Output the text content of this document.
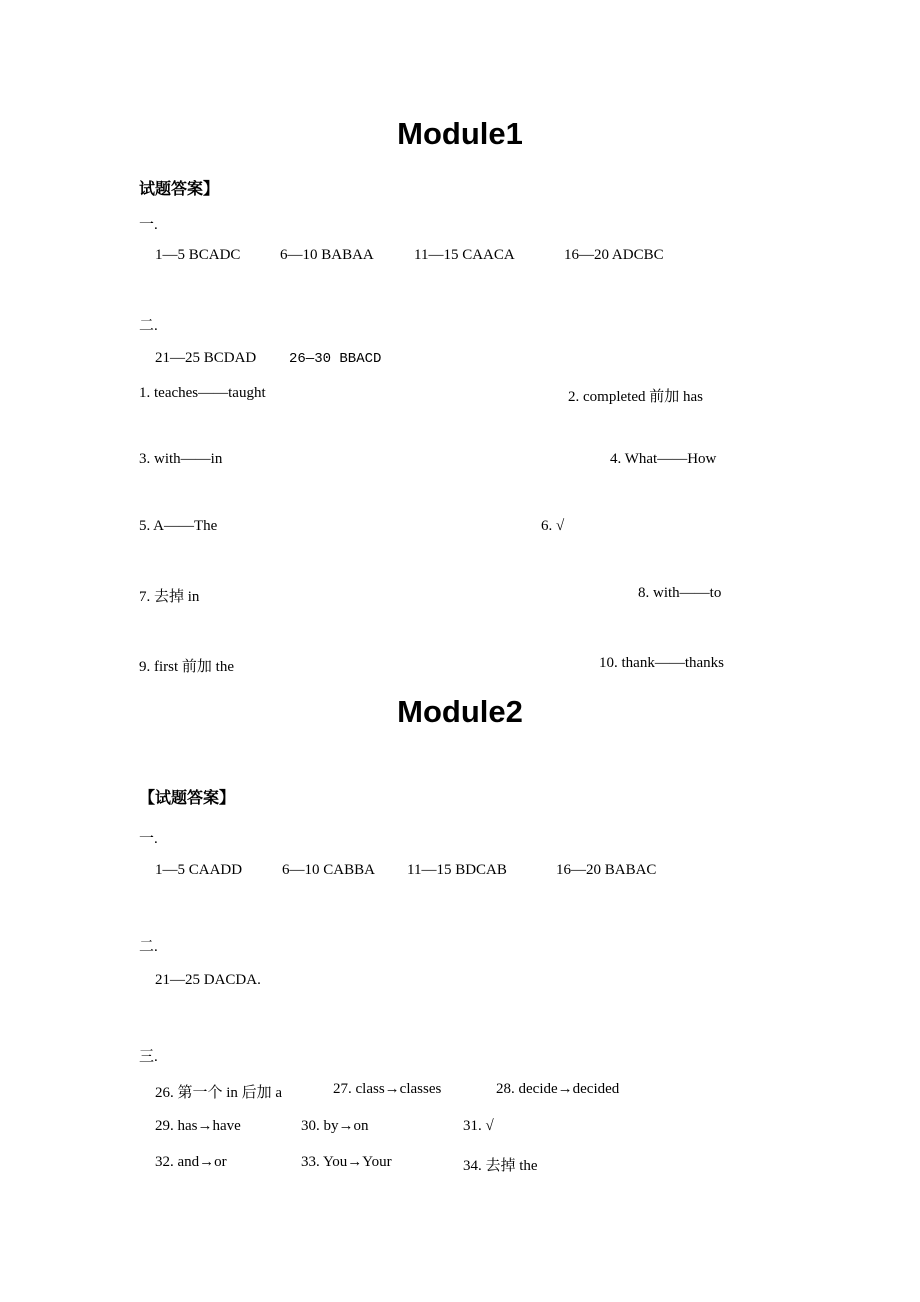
Module1
试题答案】
一.
1—5 BCADC	6—10 BABAA	11—15 CAACA	16—20 ADCBC
二.
21—25 BCDAD 26—30 BBACD
1. teaches——taught	2. completed 前加 has
3. with——in	4. What——How
5. A——The	6. √
7. 去掉 in	8. with——to
9. first 前加 the	10. thank——thanks
Module2
【试题答案】
一.
1—5 CAADD	6—10 CABBA 11—15 BDCAB	16—20 BABAC
二.
21—25 DACDA.
三.
26. 第一个 in 后加 a	27. class→classes	28. decide→decided
29. has→have	30. by→on	31. √
32. and→or	33. You→Your	34. 去掉 the
